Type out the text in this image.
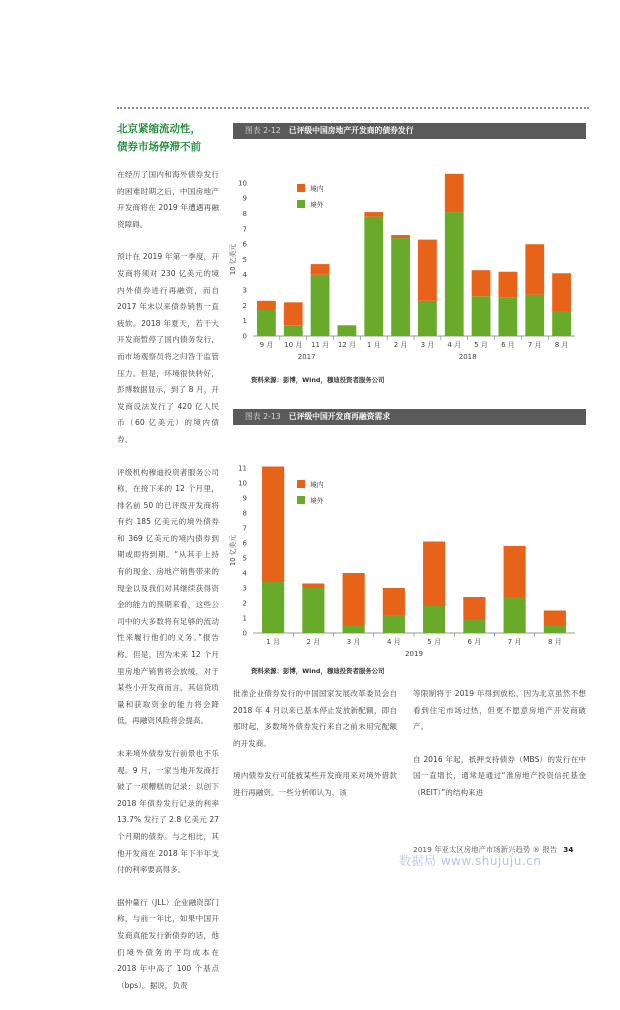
北京紧缩流动性，
债券市场停滞不前

在经历了国内和海外债券发行的困难时期之后，中国房地产开发商将在 2019 年遭遇再融资障碍。

预计在 2019 年第一季度，开发商将须对 230 亿美元的境内外债券进行再融资，而自 2017 年末以来债券销售一直疲软。2018 年夏天，若干大开发商暂停了国内债务发行，而市场观察员将之归咎于监管压力。但是，环境很快转好，彭博数据显示，到了 8 月，开发商设法发行了 420 亿人民币（60 亿美元）的境内债券。

评级机构穆迪投资者服务公司称，在接下来的 12 个月里，排名前 50 的已评级开发商将有约 185 亿美元的境外债券和 369 亿美元的境内债券到期或即将到期。“从其手上持有的现金、房地产销售带来的现金以及我们对其继续获得资金的能力的预期来看，这些公司中的大多数将有足够的流动性来履行他们的义务。”报告称。但是，因为未来 12 个月里房地产销售将会放缓，对于某些小开发商而言，其信贷质量和获取资金的能力将会降低，再融资风险将会提高。

未来境外债券发行前景也不乐观。9 月，一家当地开发商打破了一项糟糕的记录：以创下 2018 年债券发行记录的利率 13.7% 发行了 2.8 亿美元 27 个月期的债券。与之相比，其他开发商在 2018 年下半年支付的利率要高得多。

据仲量行（JLL）企业融资部门称，与前一年比，如果中国开发商真能发行新债券的话，他们境外债务的平均成本在 2018 年中高了 100 个基点（bps）。据说，负责

图表 2-12 已评级中国房地产开发商的债券发行
0
1
2
3
4
5
6
7
8
9
10
10 亿美元
9 月 10 月 11 月 12 月 1 月 2 月 3 月 4 月 5 月 6 月 7 月 8 月
2017	2018
境内
境外
资料来源：彭博，Wind，穆迪投资者服务公司
图表 2-13 已评级中国开发商再融资需求
0
1
2
3
4
5
6
7
8
9
10
11
10 亿美元
1 月	2 月	3 月	4 月	5 月	6 月	7 月	8 月
2019
境内
境外
资料来源：彭博，Wind，穆迪投资者服务公司

批准企业债券发行的中国国家发展改革委员会自 2018 年 4 月以来已基本停止发放新配额，即自那时起，多数境外债券发行来自之前未用完配额的开发商。

境内债券发行可能被某些开发商用来对境外借款进行再融资。一些分析师认为，该

等限制将于 2019 年得到放松，因为北京虽然不想看到住宅市场过热，但更不愿意房地产开发商破产。

自 2016 年起，抵押支持债券（MBS）的发行在中国一直增长，通常是通过“准房地产投资信托基金（REIT）”的结构来进

2019 年亚太区房地产市场新兴趋势 ® 报告 34
数据局 www.shujuju.cn
